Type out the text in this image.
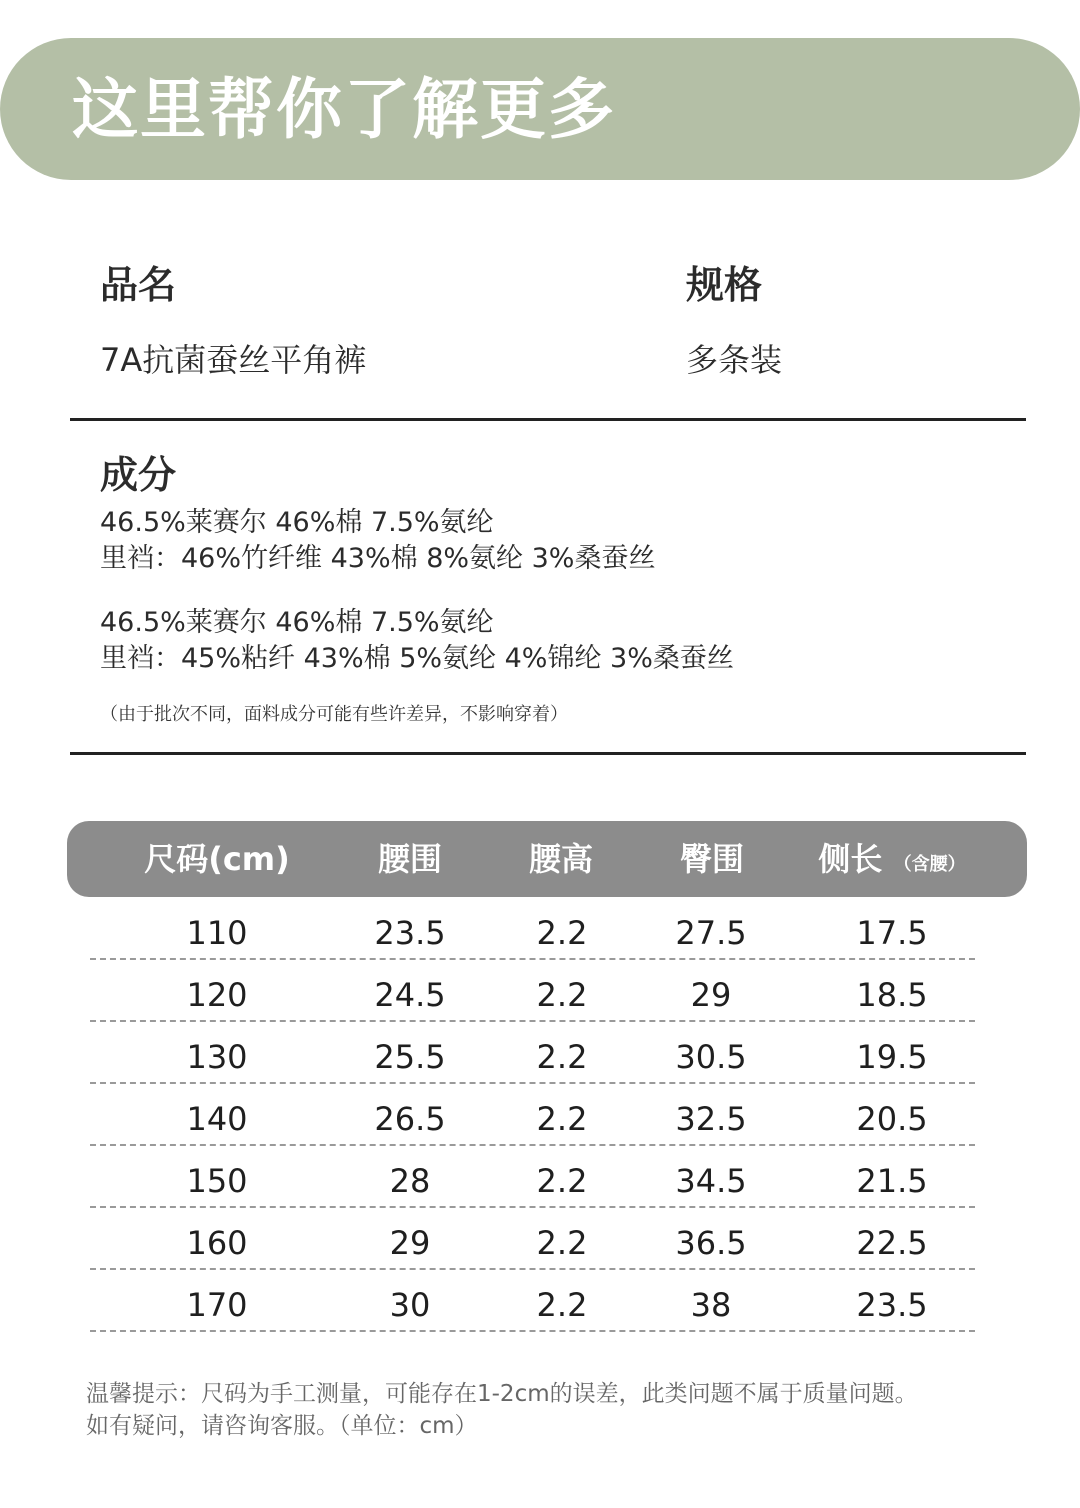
这里帮你了解更多
品名
7A抗菌蚕丝平角裤
规格
多条装
成分
46.5%莱赛尔 46%棉 7.5%氨纶
里裆：46%竹纤维 43%棉 8%氨纶 3%桑蚕丝
46.5%莱赛尔 46%棉 7.5%氨纶
里裆：45%粘纤 43%棉 5%氨纶 4%锦纶 3%桑蚕丝
（由于批次不同，面料成分可能有些许差异，不影响穿着）
尺码(cm)	腰围	腰高	臀围 侧长 （含腰）
110	23.5	2.2	27.5	17.5
120	24.5	2.2	29	18.5
130	25.5	2.2	30.5	19.5
140	26.5	2.2	32.5	20.5
150	28	2.2	34.5	21.5
160	29	2.2	36.5	22.5
170	30	2.2	38	23.5
温馨提示：尺码为手工测量，可能存在1-2cm的误差，此类问题不属于质量问题。
如有疑问，请咨询客服。（单位：cm）
